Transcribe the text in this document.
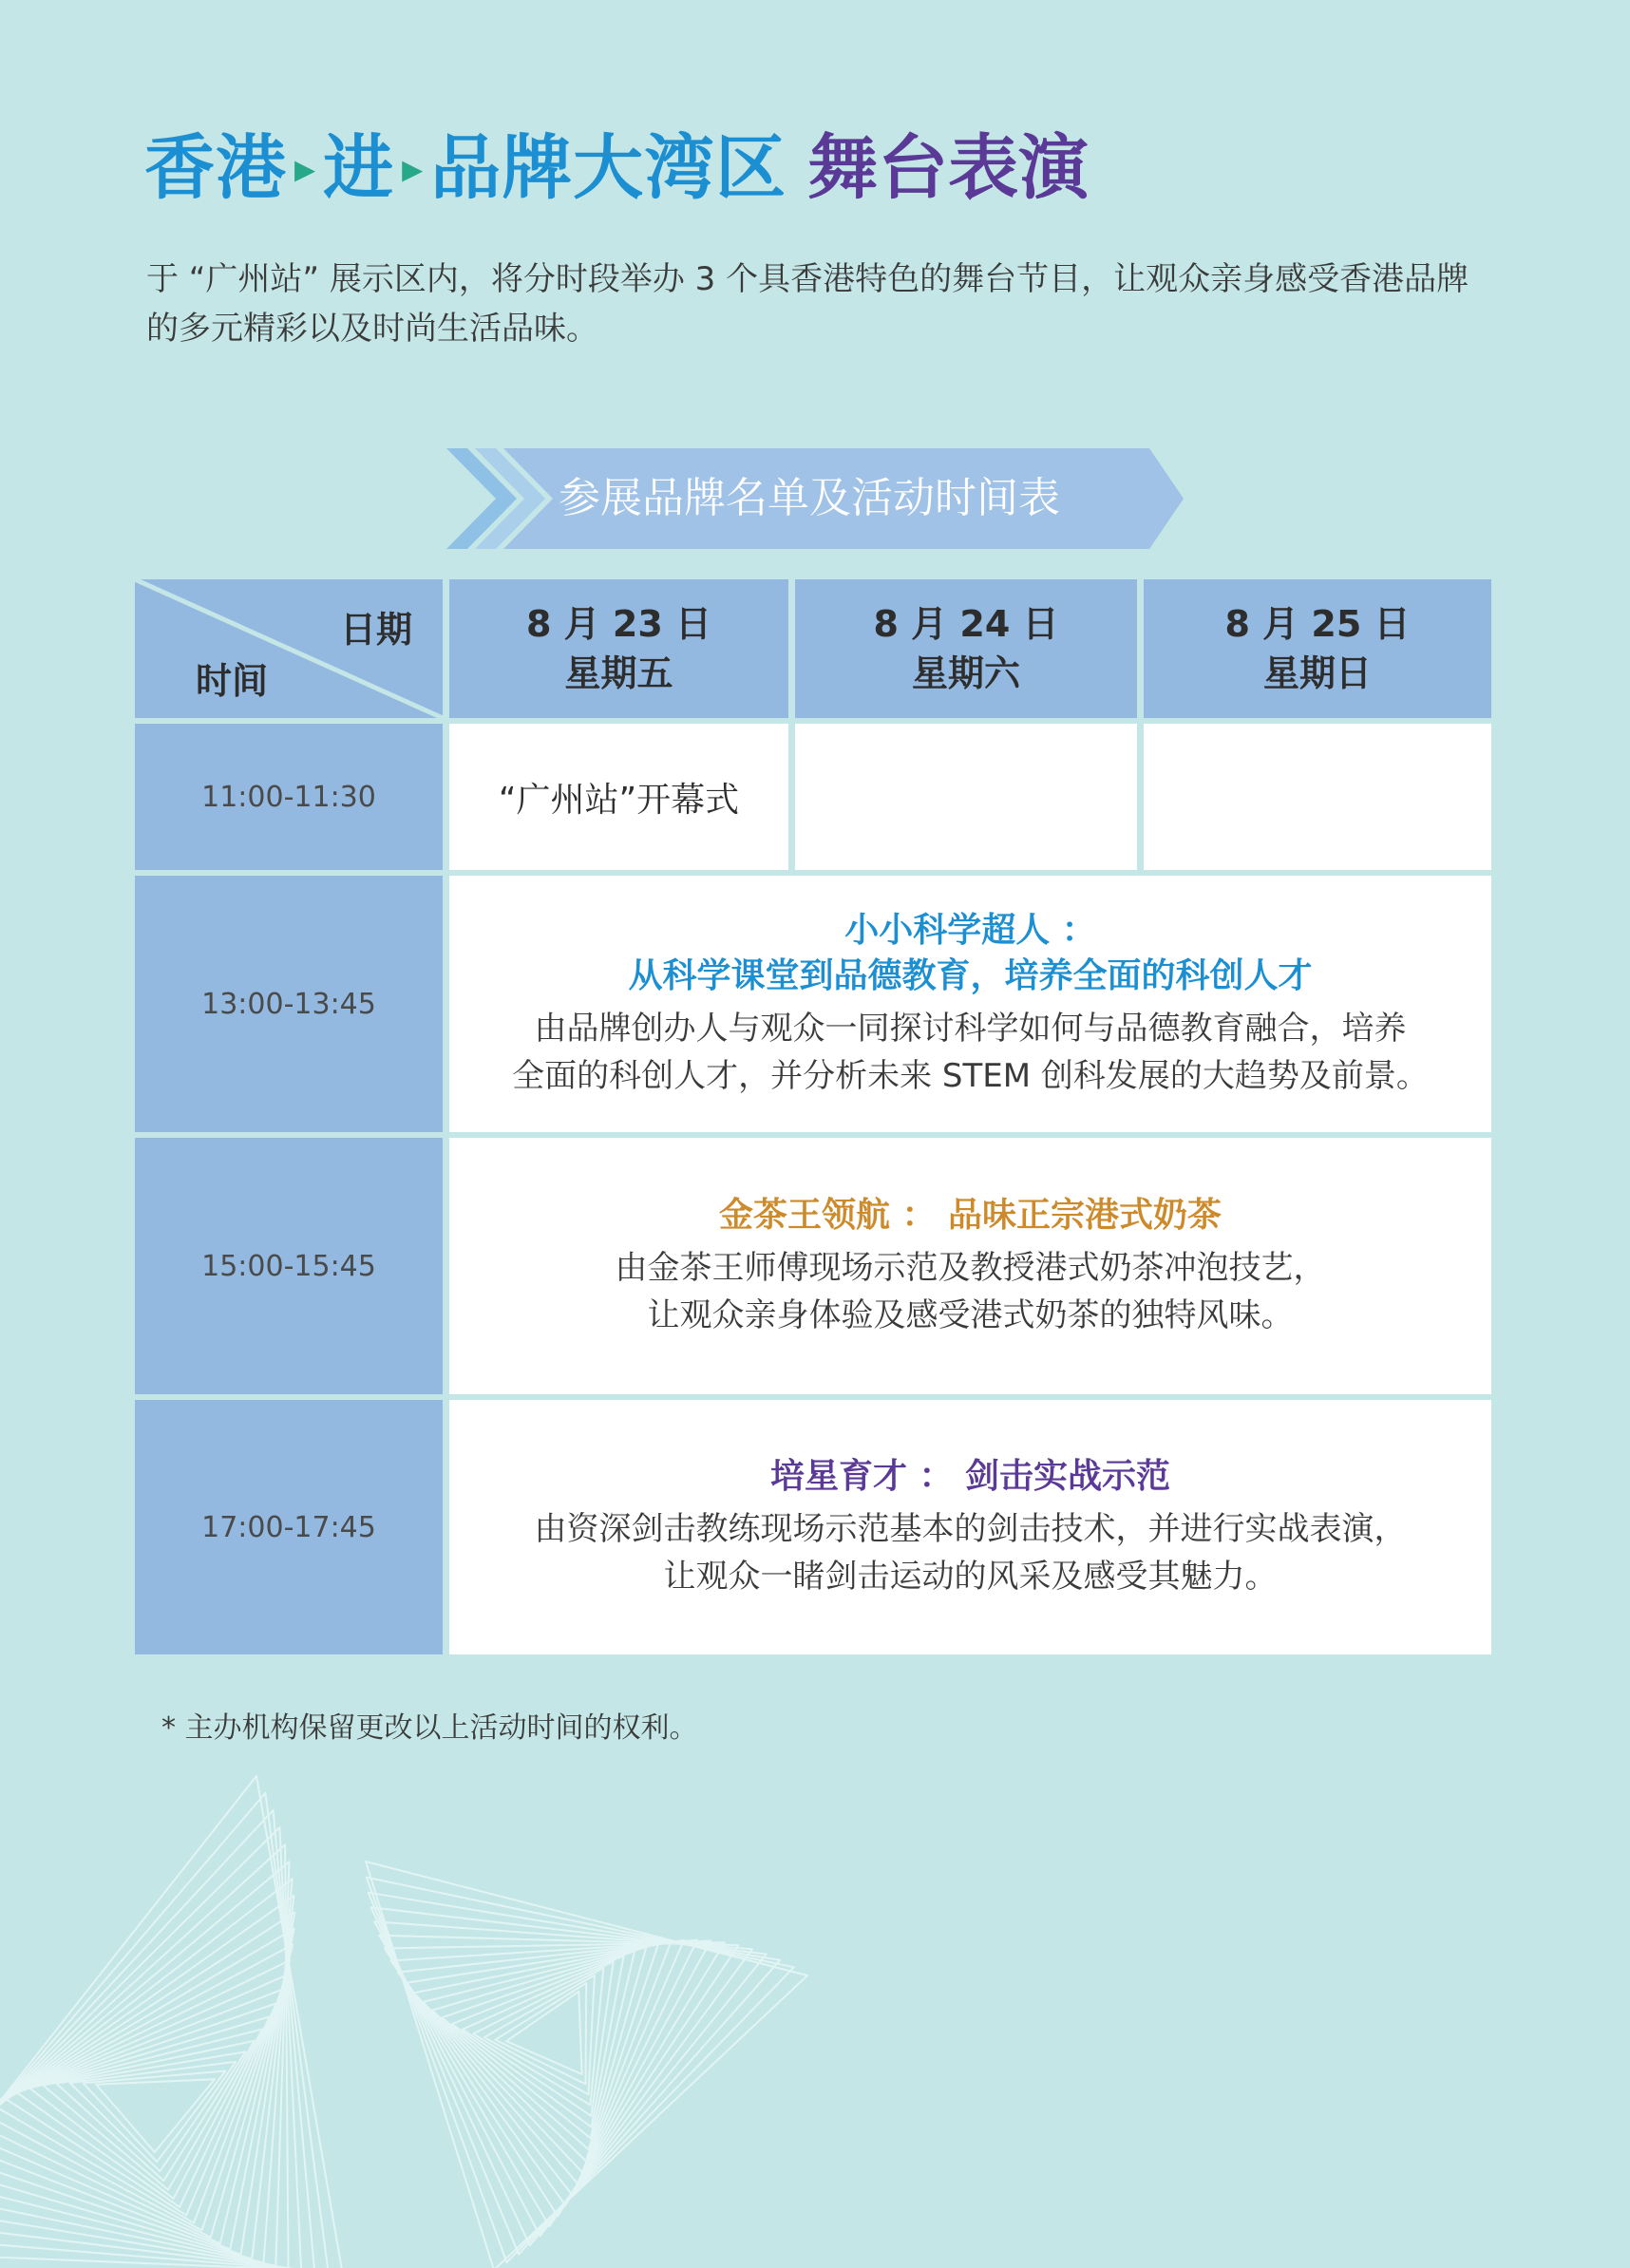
香港 ▸ 进 ▸ 品牌大湾区 舞台表演
于 “广州站” 展示区内，将分时段举办 3 个具香港特色的舞台节目，让观众亲身感受香港品牌的多元精彩以及时尚生活品味。
参展品牌名单及活动时间表
日期
时间
8 月 23 日
星期五
8 月 24 日
星期六
8 月 25 日
星期日
11:00-11:30	“广州站”开幕式
13:00-13:45
小小科学超人 ：
从科学课堂到品德教育，培养全面的科创人才
由品牌创办人与观众一同探讨科学如何与品德教育融合，培养
全面的科创人才，并分析未来 STEM 创科发展的大趋势及前景。
15:00-15:45
金茶王领航 ： 品味正宗港式奶茶
由金茶王师傅现场示范及教授港式奶茶冲泡技艺，
让观众亲身体验及感受港式奶茶的独特风味。
17:00-17:45
培星育才 ： 剑击实战示范
由资深剑击教练现场示范基本的剑击技术，并进行实战表演，
让观众一睹剑击运动的风采及感受其魅力。
* 主办机构保留更改以上活动时间的权利。
